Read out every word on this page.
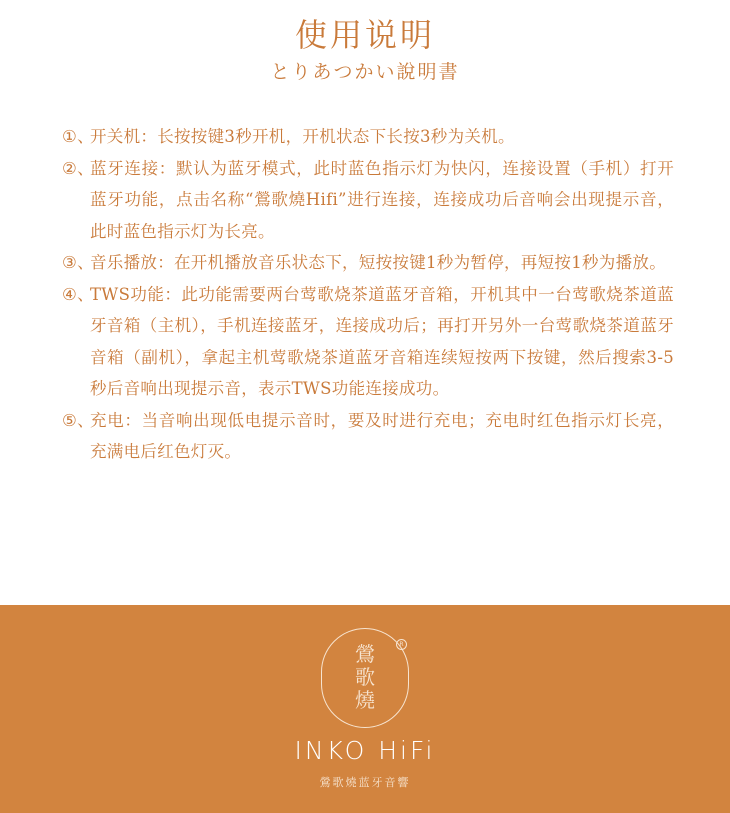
使用说明
とりあつかい說明書
①、
开关机：长按按键3秒开机，开机状态下长按3秒为关机。
②、
蓝牙连接：默认为蓝牙模式，此时蓝色指示灯为快闪，连接设置（手机）打开蓝牙功能，点击名称“鶯歌燒Hifi”进行连接，连接成功后音响会出现提示音，此时蓝色指示灯为长亮。
③、
音乐播放：在开机播放音乐状态下，短按按键1秒为暂停，再短按1秒为播放。
④、
TWS功能：此功能需要两台莺歌烧茶道蓝牙音箱，开机其中一台莺歌烧茶道蓝牙音箱（主机），手机连接蓝牙，连接成功后；再打开另外一台莺歌烧茶道蓝牙音箱（副机），拿起主机莺歌烧茶道蓝牙音箱连续短按两下按键，然后搜索3-5秒后音响出现提示音，表示TWS功能连接成功。
⑤、
充电：当音响出现低电提示音时，要及时进行充电；充电时红色指示灯长亮，充满电后红色灯灭。
R
鶯
歌
燒
INKO HiFi
鶯歌燒蓝牙音響
